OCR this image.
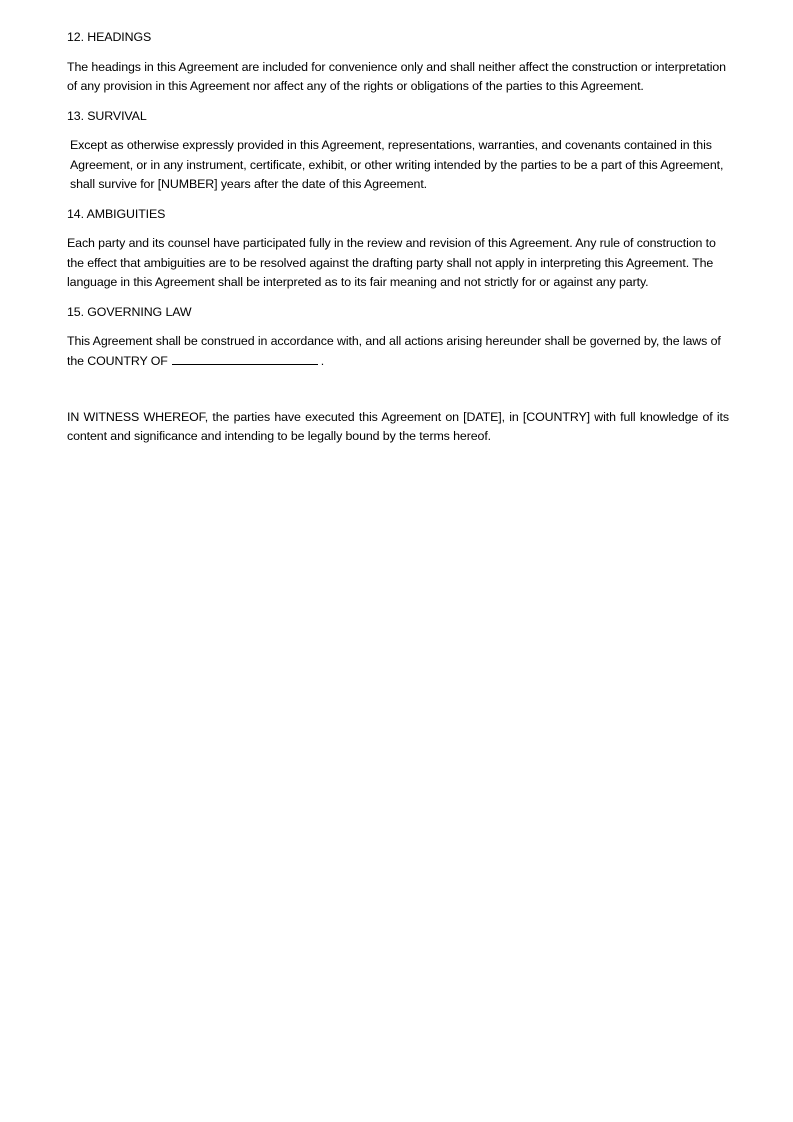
12. HEADINGS

The headings in this Agreement are included for convenience only and shall neither affect the construction or interpretation of any provision in this Agreement nor affect any of the rights or obligations of the parties to this Agreement.

13. SURVIVAL

Except as otherwise expressly provided in this Agreement, representations, warranties, and covenants contained in this Agreement, or in any instrument, certificate, exhibit, or other writing intended by the parties to be a part of this Agreement, shall survive for [NUMBER] years after the date of this Agreement.

14. AMBIGUITIES

Each party and its counsel have participated fully in the review and revision of this Agreement. Any rule of construction to the effect that ambiguities are to be resolved against the drafting party shall not apply in interpreting this Agreement. The language in this Agreement shall be interpreted as to its fair meaning and not strictly for or against any party.

15. GOVERNING LAW

This Agreement shall be construed in accordance with, and all actions arising hereunder shall be governed by, the laws of the COUNTRY OF	.

IN WITNESS WHEREOF, the parties have executed this Agreement on [DATE], in [COUNTRY] with full knowledge of its content and significance and intending to be legally bound by the terms hereof.
